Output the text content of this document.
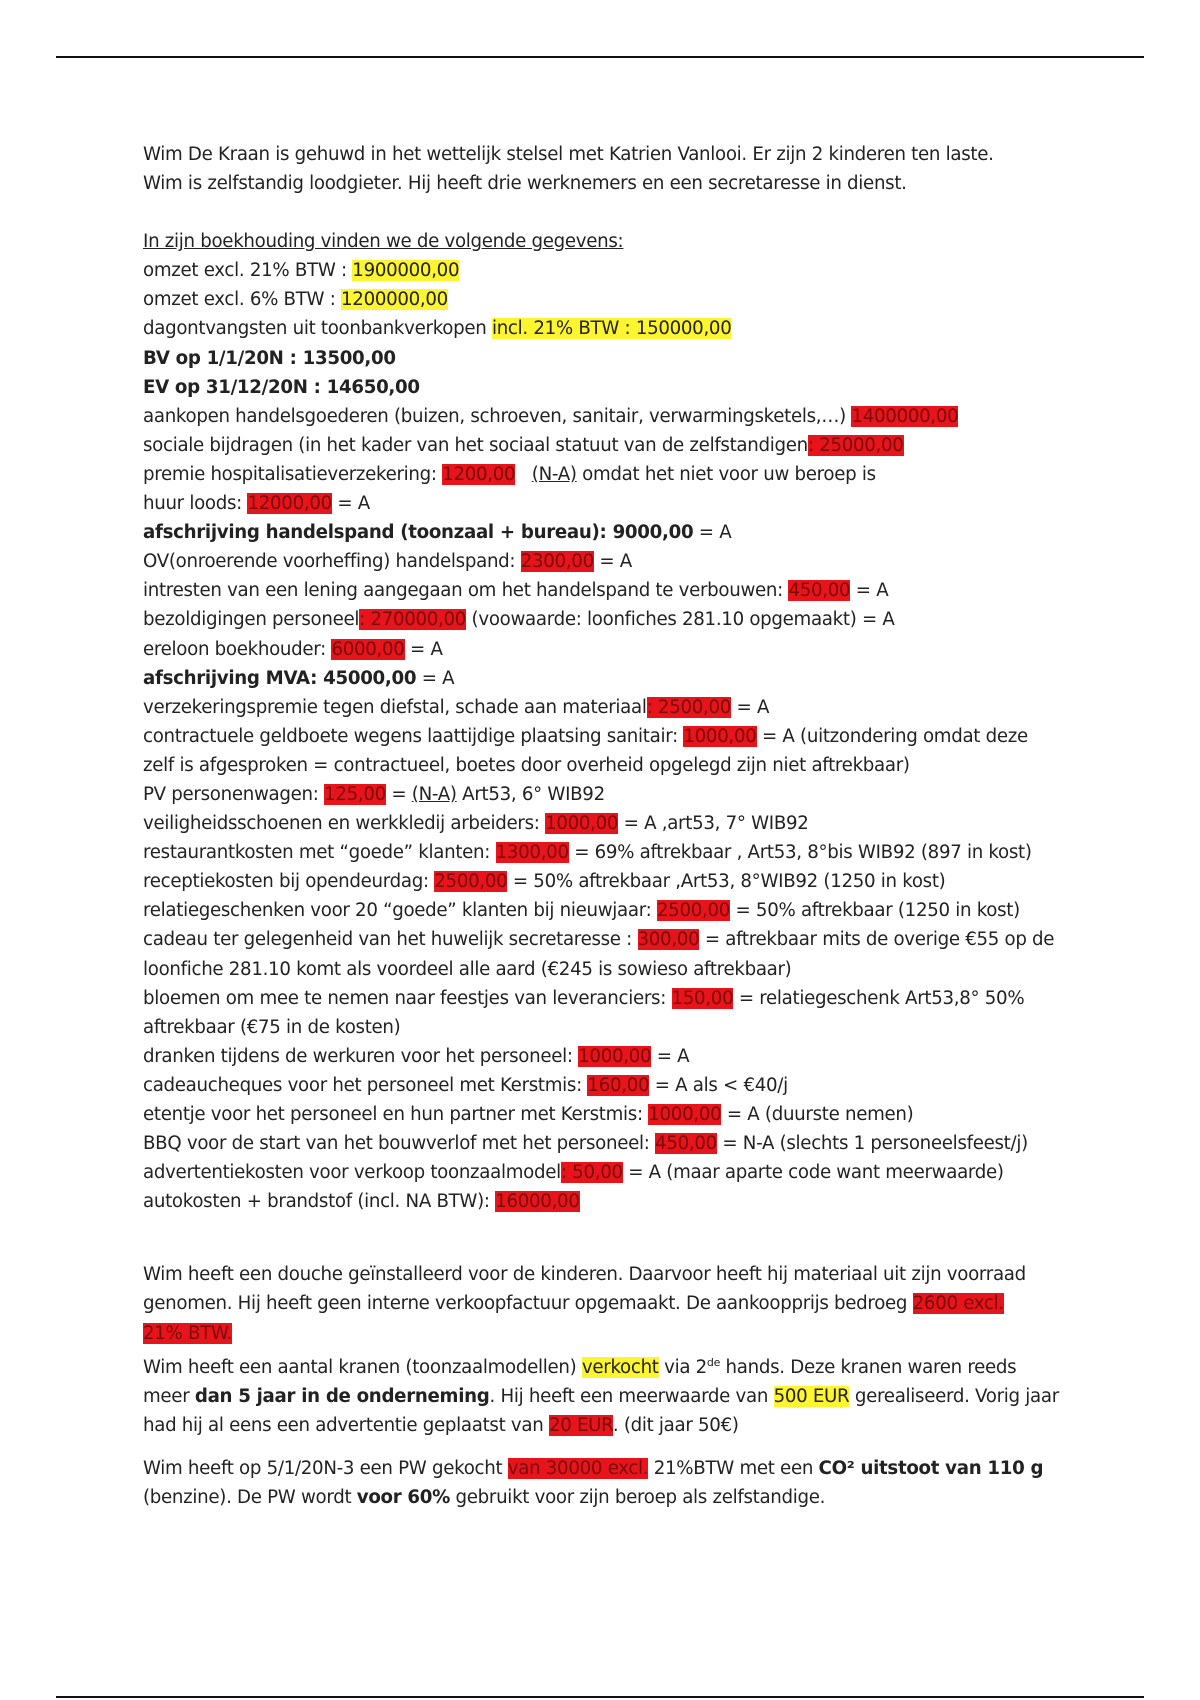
Wim De Kraan is gehuwd in het wettelijk stelsel met Katrien Vanlooi. Er zijn 2 kinderen ten laste.
Wim is zelfstandig loodgieter. Hij heeft drie werknemers en een secretaresse in dienst.
In zijn boekhouding vinden we de volgende gegevens:
omzet excl. 21% BTW : 1900000,00
omzet excl. 6% BTW : 1200000,00
dagontvangsten uit toonbankverkopen incl. 21% BTW : 150000,00
BV op 1/1/20N : 13500,00
EV op 31/12/20N : 14650,00
aankopen handelsgoederen (buizen, schroeven, sanitair, verwarmingsketels,…) 1400000,00
sociale bijdragen (in het kader van het sociaal statuut van de zelfstandigen: 25000,00
premie hospitalisatieverzekering: 1200,00 (N-A) omdat het niet voor uw beroep is
huur loods: 12000,00 = A
afschrijving handelspand (toonzaal + bureau): 9000,00 = A
OV(onroerende voorheffing) handelspand: 2300,00 = A
intresten van een lening aangegaan om het handelspand te verbouwen: 450,00 = A
bezoldigingen personeel: 270000,00 (voowaarde: loonfiches 281.10 opgemaakt) = A
ereloon boekhouder: 6000,00 = A
afschrijving MVA: 45000,00 = A
verzekeringspremie tegen diefstal, schade aan materiaal: 2500,00 = A
contractuele geldboete wegens laattijdige plaatsing sanitair: 1000,00 = A (uitzondering omdat deze
zelf is afgesproken = contractueel, boetes door overheid opgelegd zijn niet aftrekbaar)
PV personenwagen: 125,00 = (N-A) Art53, 6° WIB92
veiligheidsschoenen en werkkledij arbeiders: 1000,00 = A ,art53, 7° WIB92
restaurantkosten met “goede” klanten: 1300,00 = 69% aftrekbaar , Art53, 8°bis WIB92 (897 in kost)
receptiekosten bij opendeurdag: 2500,00 = 50% aftrekbaar ,Art53, 8°WIB92 (1250 in kost)
relatiegeschenken voor 20 “goede” klanten bij nieuwjaar: 2500,00 = 50% aftrekbaar (1250 in kost)
cadeau ter gelegenheid van het huwelijk secretaresse : 300,00 = aftrekbaar mits de overige €55 op de
loonfiche 281.10 komt als voordeel alle aard (€245 is sowieso aftrekbaar)
bloemen om mee te nemen naar feestjes van leveranciers: 150,00 = relatiegeschenk Art53,8° 50%
aftrekbaar (€75 in de kosten)
dranken tijdens de werkuren voor het personeel: 1000,00 = A
cadeaucheques voor het personeel met Kerstmis: 160,00 = A als < €40/j
etentje voor het personeel en hun partner met Kerstmis: 1000,00 = A (duurste nemen)
BBQ voor de start van het bouwverlof met het personeel: 450,00 = N-A (slechts 1 personeelsfeest/j)
advertentiekosten voor verkoop toonzaalmodel: 50,00 = A (maar aparte code want meerwaarde)
autokosten + brandstof (incl. NA BTW): 16000,00
Wim heeft een douche geïnstalleerd voor de kinderen. Daarvoor heeft hij materiaal uit zijn voorraad
genomen. Hij heeft geen interne verkoopfactuur opgemaakt. De aankoopprijs bedroeg 2600 excl.
21% BTW.
Wim heeft een aantal kranen (toonzaalmodellen) verkocht via 2de hands. Deze kranen waren reeds
meer dan 5 jaar in de onderneming. Hij heeft een meerwaarde van 500 EUR gerealiseerd. Vorig jaar
had hij al eens een advertentie geplaatst van 20 EUR. (dit jaar 50€)
Wim heeft op 5/1/20N-3 een PW gekocht van 30000 excl. 21%BTW met een CO² uitstoot van 110 g
(benzine). De PW wordt voor 60% gebruikt voor zijn beroep als zelfstandige.
